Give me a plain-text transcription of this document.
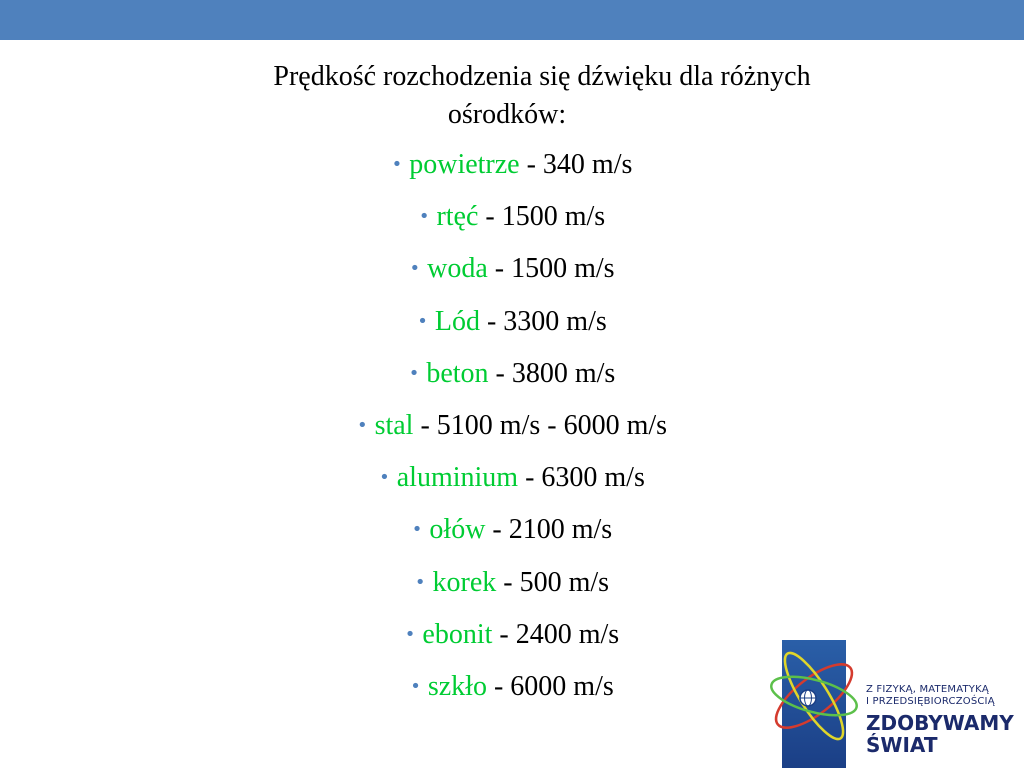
Prędkość rozchodzenia się dźwięku dla różnych
ośrodków:

• powietrze - 340 m/s
• rtęć - 1500 m/s
• woda - 1500 m/s
• Lód - 3300 m/s
• beton - 3800 m/s
• stal - 5100 m/s - 6000 m/s
• aluminium - 6300 m/s
• ołów - 2100 m/s
• korek - 500 m/s
• ebonit - 2400 m/s
• szkło - 6000 m/s	Z FIZYKĄ, MATEMATYKĄ
I PRZEDSIĘBIORCZOŚCIĄ
ZDOBYWAMY
ŚWIAT
